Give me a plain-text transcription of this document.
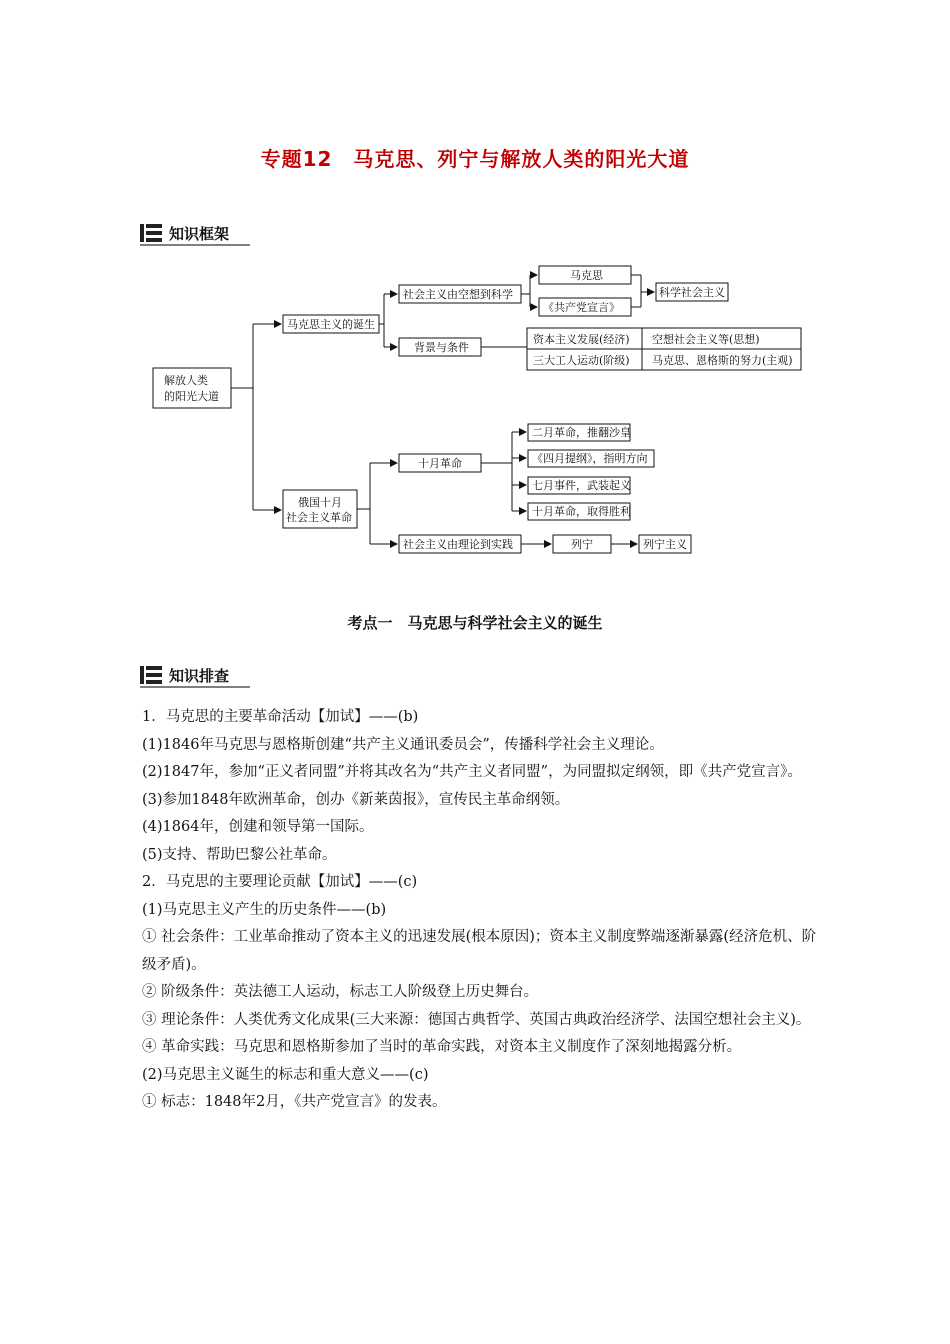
专题12　马克思、列宁与解放人类的阳光大道
知识框架
解放人类
的阳光大道
马克思主义的诞生
社会主义由空想到科学
马克思
《共产党宣言》
科学社会主义
背景与条件
资本主义发展(经济) 空想社会主义等(思想)
三大工人运动(阶级) 马克思、恩格斯的努力(主观)
俄国十月
社会主义革命
十月革命
二月革命，推翻沙皇
《四月提纲》，指明方向
七月事件，武装起义
十月革命，取得胜利
社会主义由理论到实践	列宁	列宁主义
考点一　马克思与科学社会主义的诞生
知识排查

1．马克思的主要革命活动【加试】——(b)

(1)1846年马克思与恩格斯创建“共产主义通讯委员会”，传播科学社会主义理论。

(2)1847年，参加“正义者同盟”并将其改名为“共产主义者同盟”，为同盟拟定纲领，即《共产党宣言》。

(3)参加1848年欧洲革命，创办《新莱茵报》，宣传民主革命纲领。

(4)1864年，创建和领导第一国际。

(5)支持、帮助巴黎公社革命。

2．马克思的主要理论贡献【加试】——(c)

(1)马克思主义产生的历史条件——(b)

① 社会条件：工业革命推动了资本主义的迅速发展(根本原因)；资本主义制度弊端逐渐暴露(经济危机、阶级矛盾)。

② 阶级条件：英法德工人运动，标志工人阶级登上历史舞台。

③ 理论条件：人类优秀文化成果(三大来源：德国古典哲学、英国古典政治经济学、法国空想社会主义)。

④ 革命实践：马克思和恩格斯参加了当时的革命实践，对资本主义制度作了深刻地揭露分析。

(2)马克思主义诞生的标志和重大意义——(c)

① 标志：1848年2月，《共产党宣言》的发表。
